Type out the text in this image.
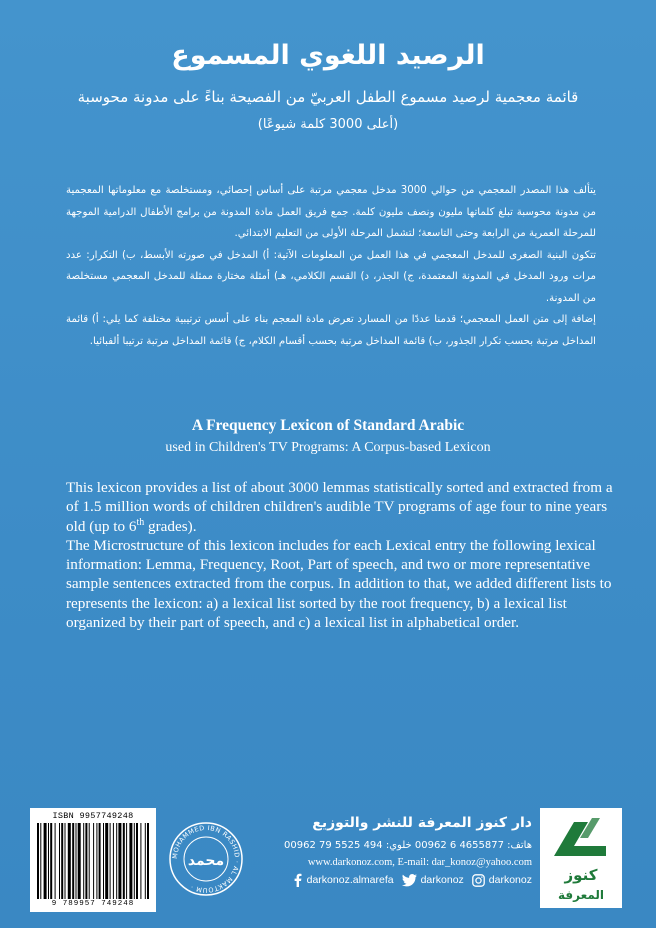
الرصيد اللغوي المسموع
قائمة معجمية لرصيد مسموع الطفل العربيّ من الفصيحة بناءً على مدونة محوسبة
(أعلى 3000 كلمة شيوعًا)

يتألف هذا المصدر المعجمي من حوالي 3000 مدخل معجمي مرتبة على أساس إحصائي، ومستخلصة مع معلوماتها المعجمية من مدونة محوسبة تبلغ كلماتها مليون ونصف مليون كلمة. جمع فريق العمل مادة المدونة من برامج الأطفال الدرامية الموجهة للمرحلة العمرية من الرابعة وحتى التاسعة؛ لتشمل المرحلة الأولى من التعليم الابتدائي.

تتكون البنية الصغرى للمدخل المعجمي في هذا العمل من المعلومات الآتية: أ) المدخل في صورته الأبسط، ب) التكرار: عدد مرات ورود المدخل في المدونة المعتمدة، ج) الجذر، د) القسم الكلامي، هـ) أمثلة مختارة ممثلة للمدخل المعجمي مستخلصة من المدونة.

إضافة إلى متن العمل المعجمي؛ قدمنا عددًا من المسارد تعرض مادة المعجم بناء على أسس ترتيبية مختلفة كما يلي: أ) قائمة المداخل مرتبة بحسب تكرار الجذور، ب) قائمة المداخل مرتبة بحسب أقسام الكلام، ج) قائمة المداخل مرتبة ترتيبا ألفبائيا.

A Frequency Lexicon of Standard Arabic
used in Children's TV Programs: A Corpus-based Lexicon

This lexicon provides a list of about 3000 lemmas statistically sorted and extracted from a of 1.5 million words of children children's audible TV programs of age four to nine years old (up to 6th grades).

The Microstructure of this lexicon includes for each Lexical entry the following lexical information: Lemma, Frequency, Root, Part of speech, and two or more representative sample sentences extracted from the corpus. In addition to that, we added different lists to represents the lexicon: a) a lexical list sorted by the root frequency, b) a lexical list organized by their part of speech, and c) a lexical list in alphabetical order.

ISBN 9957749248
9 789957 749248
MOHAMMED IBN RASHID · AL MAKTOUM ·
محمد
دار كنوز المعرفة للنشر والتوزيع
هاتف: 4655877 6 00962 خلوي: 494 5525 79 00962
www.darkonoz.com, E-mail: dar_konoz@yahoo.com
darkonoz.almarefa	darkonoz darkonoz كنوز
المعرفة
